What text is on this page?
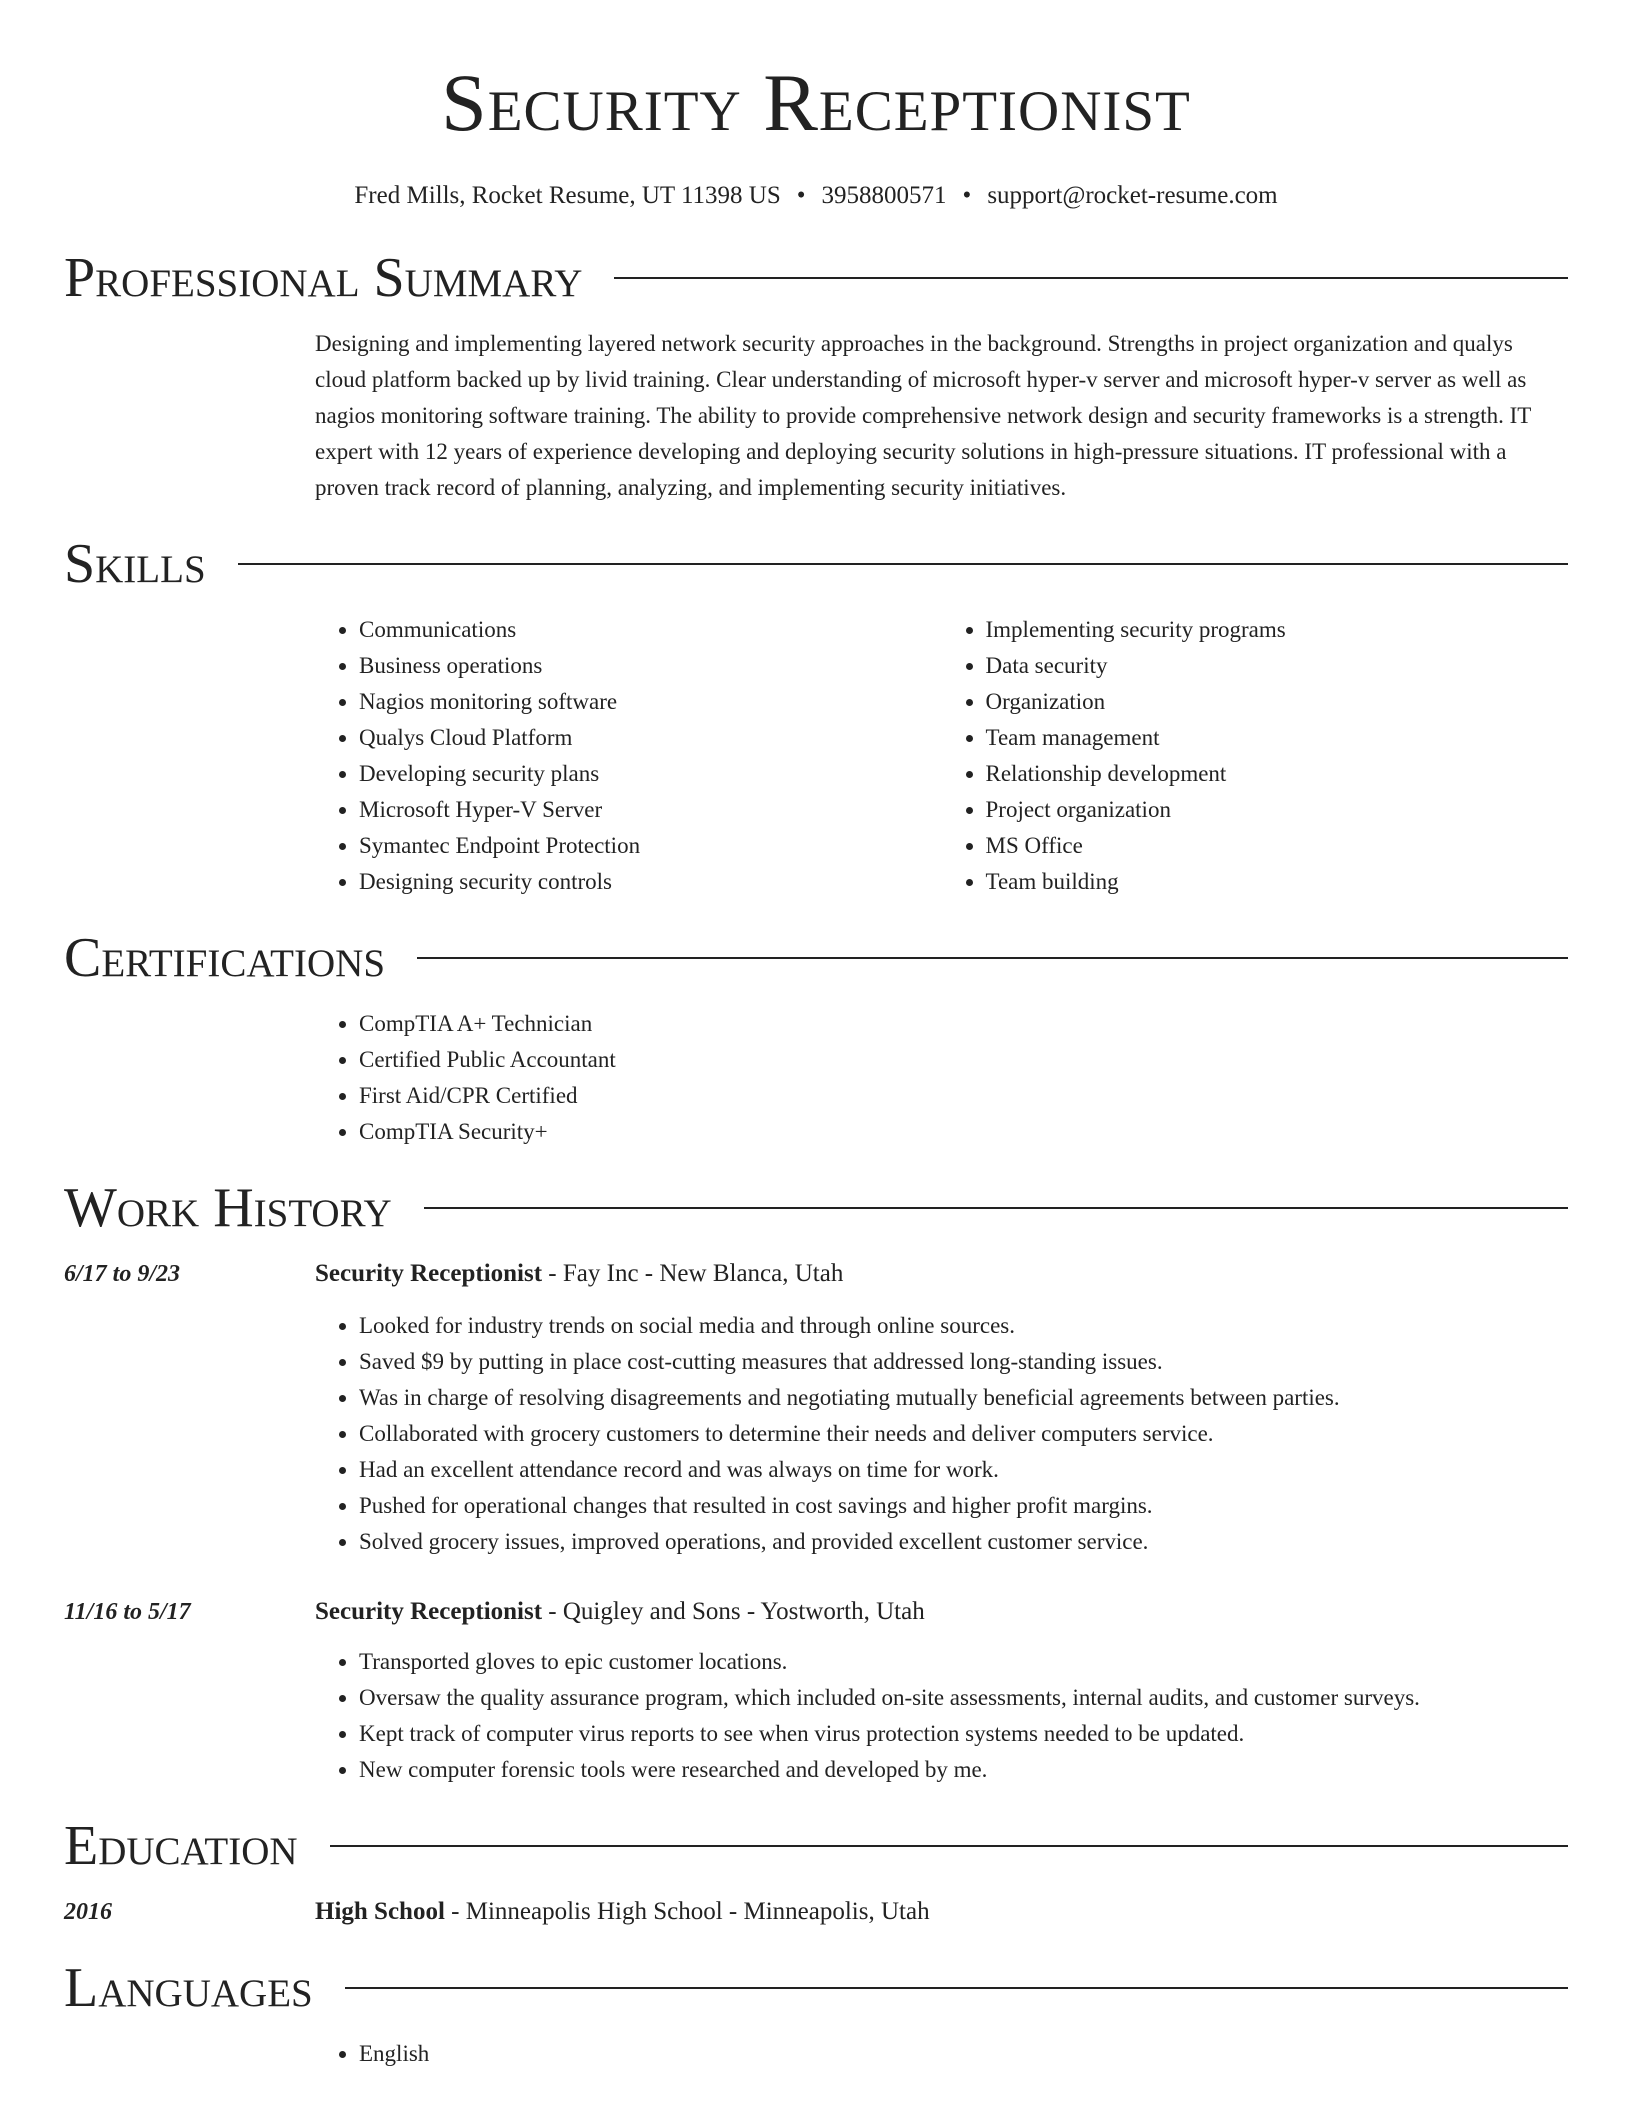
Security Receptionist
Fred Mills, Rocket Resume, UT 11398 US • 3958800571 • support@rocket-resume.com
Professional Summary
Designing and implementing layered network security approaches in the background. Strengths in project organization and qualys cloud platform backed up by livid training. Clear understanding of microsoft hyper-v server and microsoft hyper-v server as well as nagios monitoring software training. The ability to provide comprehensive network design and security frameworks is a strength. IT expert with 12 years of experience developing and deploying security solutions in high-pressure situations. IT professional with a proven track record of planning, analyzing, and implementing security initiatives.
Skills
• Communications
• Business operations
• Nagios monitoring software
• Qualys Cloud Platform
• Developing security plans
• Microsoft Hyper-V Server
• Symantec Endpoint Protection
• Designing security controls
• Implementing security programs
• Data security
• Organization
• Team management
• Relationship development
• Project organization
• MS Office
• Team building
Certifications
• CompTIA A+ Technician
• Certified Public Accountant
• First Aid/CPR Certified
• CompTIA Security+
Work History
6/17 to 9/23	Security Receptionist - Fay Inc - New Blanca, Utah
• Looked for industry trends on social media and through online sources.
• Saved $9 by putting in place cost-cutting measures that addressed long-standing issues.
• Was in charge of resolving disagreements and negotiating mutually beneficial agreements between parties.
• Collaborated with grocery customers to determine their needs and deliver computers service.
• Had an excellent attendance record and was always on time for work.
• Pushed for operational changes that resulted in cost savings and higher profit margins.
• Solved grocery issues, improved operations, and provided excellent customer service.
11/16 to 5/17	Security Receptionist - Quigley and Sons - Yostworth, Utah
• Transported gloves to epic customer locations.
• Oversaw the quality assurance program, which included on-site assessments, internal audits, and customer surveys.
• Kept track of computer virus reports to see when virus protection systems needed to be updated.
• New computer forensic tools were researched and developed by me.
Education
2016	High School - Minneapolis High School - Minneapolis, Utah
Languages
• English
